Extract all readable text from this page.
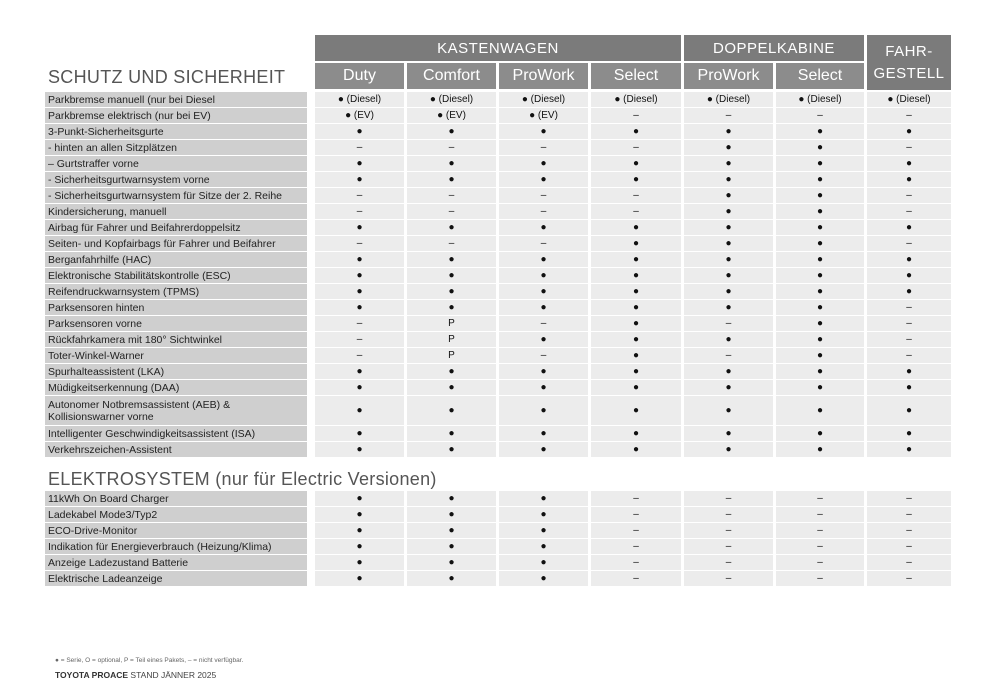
KASTENWAGEN	DOPPELKABINE	FAHR-
GESTELL
Duty	Comfort	ProWork	Select	ProWork	Select
SCHUTZ UND SICHERHEIT
ELEKTROSYSTEM (nur für Electric Versionen)
Parkbremse manuell (nur bei Diesel	● (Diesel)	● (Diesel)	● (Diesel)	● (Diesel)	● (Diesel)	● (Diesel)	● (Diesel)
Parkbremse elektrisch (nur bei EV)	● (EV)	● (EV)	● (EV)	–	–	–	–
3-Punkt-Sicherheitsgurte	●	●	●	●	●	●	●
- hinten an allen Sitzplätzen	–	–	–	–	●	●	–
– Gurtstraffer vorne	●	●	●	●	●	●	●
- Sicherheitsgurtwarnsystem vorne	●	●	●	●	●	●	●
- Sicherheitsgurtwarnsystem für Sitze der 2. Reihe	–	–	–	–	●	●	–
Kindersicherung, manuell	–	–	–	–	●	●	–
Airbag für Fahrer und Beifahrerdoppelsitz	●	●	●	●	●	●	●
Seiten- und Kopfairbags für Fahrer und Beifahrer	–	–	–	●	●	●	–
Berganfahrhilfe (HAC)	●	●	●	●	●	●	●
Elektronische Stabilitätskontrolle (ESC)	●	●	●	●	●	●	●
Reifendruckwarnsystem (TPMS)	●	●	●	●	●	●	●
Parksensoren hinten	●	●	●	●	●	●	–
Parksensoren vorne	–	P	–	●	–	●	–
Rückfahrkamera mit 180° Sichtwinkel	–	P	●	●	●	●	–
Toter-Winkel-Warner	–	P	–	●	–	●	–
Spurhalteassistent (LKA)	●	●	●	●	●	●	●
Müdigkeitserkennung (DAA)	●	●	●	●	●	●	●
Autonomer Notbremsassistent (AEB) & Kollisionswarner vorne	●	●	●	●	●	●	●
Intelligenter Geschwindigkeitsassistent (ISA)	●	●	●	●	●	●	●
Verkehrszeichen-Assistent	●	●	●	●	●	●	●
11kWh On Board Charger	●	●	●	–	–	–	–
Ladekabel Mode3/Typ2	●	●	●	–	–	–	–
ECO-Drive-Monitor	●	●	●	–	–	–	–
Indikation für Energieverbrauch (Heizung/Klima)	●	●	●	–	–	–	–
Anzeige Ladezustand Batterie	●	●	●	–	–	–	–
Elektrische Ladeanzeige	●	●	●	–	–	–	–
● = Serie, O = optional, P = Teil eines Pakets, – = nicht verfügbar.
TOYOTA PROACE STAND JÄNNER 2025
